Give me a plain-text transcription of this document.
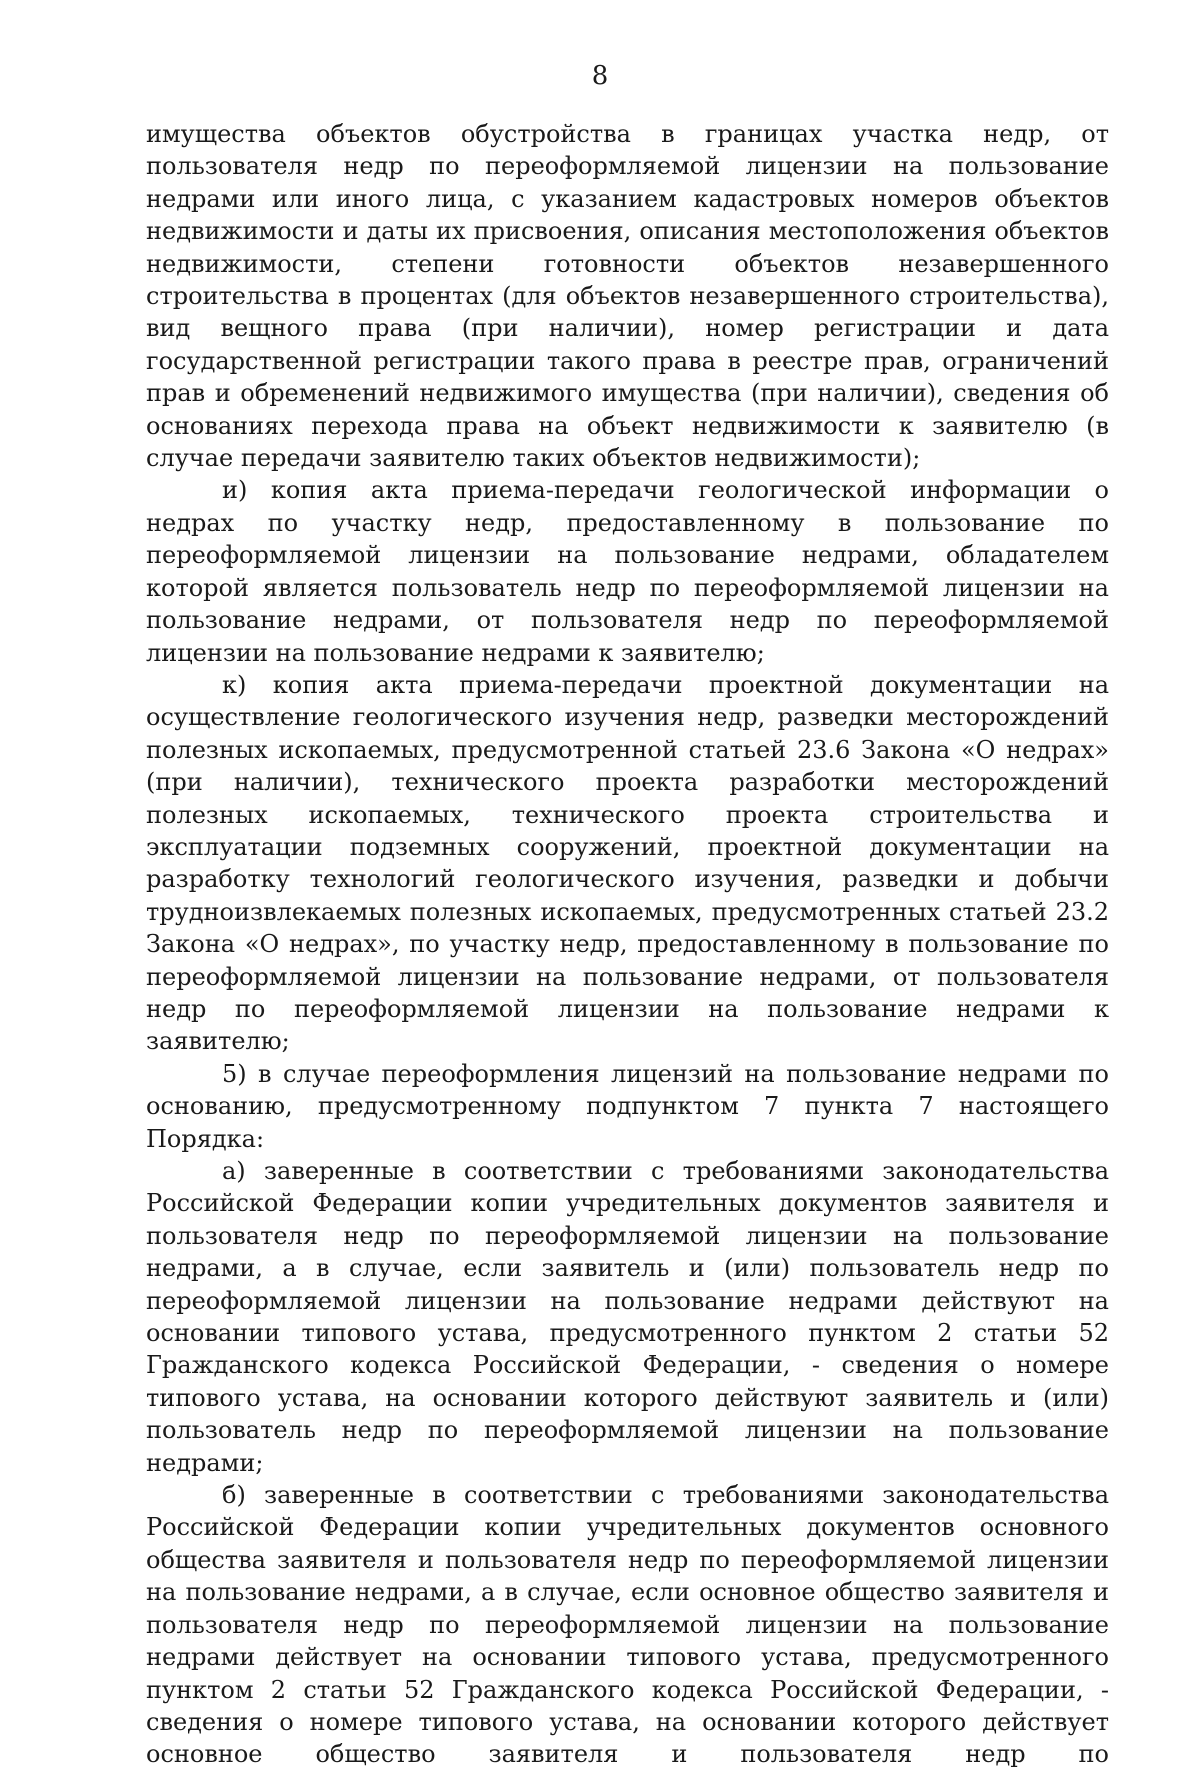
8

имущества объектов обустройства в границах участка недр, от пользователя недр по переоформляемой лицензии на пользование недрами или иного лица, с указанием кадастровых номеров объектов недвижимости и даты их присвоения, описания местоположения объектов недвижимости, степени готовности объектов незавершенного строительства в процентах (для объектов незавершенного строительства), вид вещного права (при наличии), номер регистрации и дата государственной регистрации такого права в реестре прав, ограничений прав и обременений недвижимого имущества (при наличии), сведения об основаниях перехода права на объект недвижимости к заявителю (в случае передачи заявителю таких объектов недвижимости);

и) копия акта приема-передачи геологической информации о недрах по участку недр, предоставленному в пользование по переоформляемой лицензии на пользование недрами, обладателем которой является пользователь недр по переоформляемой лицензии на пользование недрами, от пользователя недр по переоформляемой лицензии на пользование недрами к заявителю;

к) копия акта приема-передачи проектной документации на осуществление геологического изучения недр, разведки месторождений полезных ископаемых, предусмотренной статьей 23.6 Закона «О недрах» (при наличии), технического проекта разработки месторождений полезных ископаемых, технического проекта строительства и эксплуатации подземных сооружений, проектной документации на разработку технологий геологического изучения, разведки и добычи трудноизвлекаемых полезных ископаемых, предусмотренных статьей 23.2 Закона «О недрах», по участку недр, предоставленному в пользование по переоформляемой лицензии на пользование недрами, от пользователя недр по переоформляемой лицензии на пользование недрами к заявителю;

5) в случае переоформления лицензий на пользование недрами по основанию, предусмотренному подпунктом 7 пункта 7 настоящего Порядка:

а) заверенные в соответствии с требованиями законодательства Российской Федерации копии учредительных документов заявителя и пользователя недр по переоформляемой лицензии на пользование недрами, а в случае, если заявитель и (или) пользователь недр по переоформляемой лицензии на пользование недрами действуют на основании типового устава, предусмотренного пунктом 2 статьи 52 Гражданского кодекса Российской Федерации, - сведения о номере типового устава, на основании которого действуют заявитель и (или) пользователь недр по переоформляемой лицензии на пользование недрами;

б) заверенные в соответствии с требованиями законодательства Российской Федерации копии учредительных документов основного общества заявителя и пользователя недр по переоформляемой лицензии на пользование недрами, а в случае, если основное общество заявителя и пользователя недр по переоформляемой лицензии на пользование недрами действует на основании типового устава, предусмотренного пунктом 2 статьи 52 Гражданского кодекса Российской Федерации, - сведения о номере типового устава, на основании которого действует основное общество заявителя и пользователя недр по
